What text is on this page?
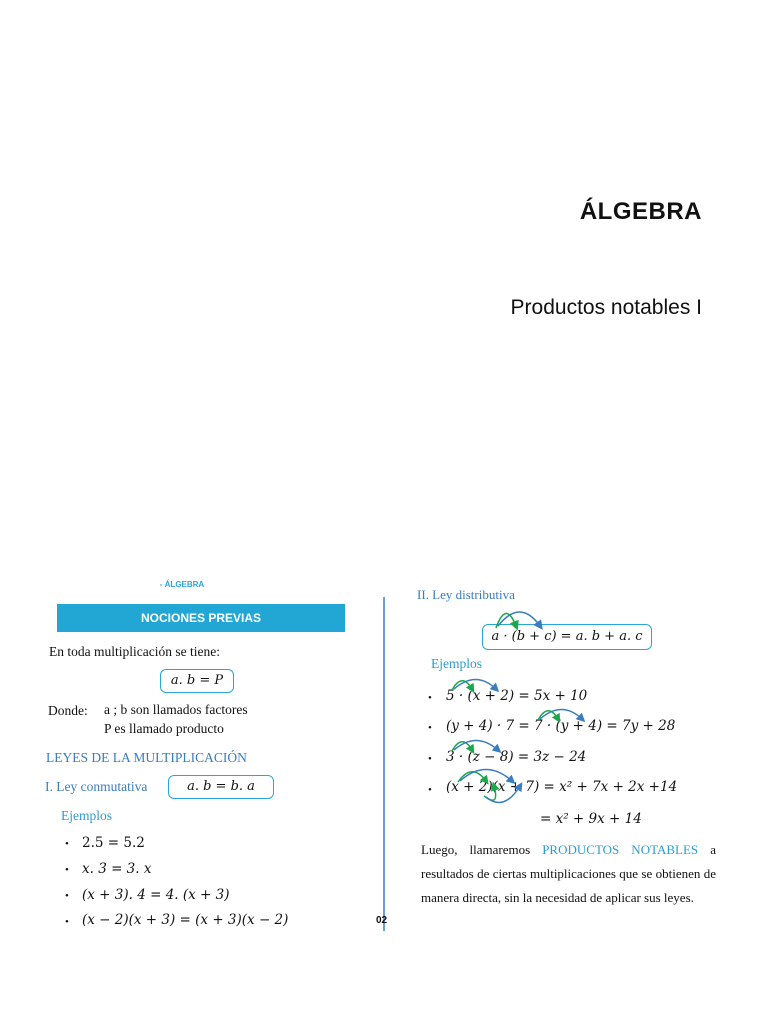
ÁLGEBRA
Productos notables I
- ÁLGEBRA
NOCIONES PREVIAS
En toda multiplicación se tiene:
a. b = P
Donde: a ; b son llamados factores
P es llamado producto
LEYES DE LA MULTIPLICACIÓN
I. Ley conmutativa	a. b = b. a
Ejemplos
• 2.5 = 5.2
• x. 3 = 3. x
• (x + 3). 4 = 4. (x + 3)
• (x − 2)(x + 3) = (x + 3)(x − 2)	02
II. Ley distributiva
a · (b + c) = a. b + a. c
Ejemplos
• 5 · (x + 2) = 5x + 10
• (y + 4) · 7 = 7 · (y + 4) = 7y + 28
• 3 · (z − 8) = 3z − 24
• (x + 2)(x + 7) = x² + 7x + 2x +14
= x² + 9x + 14
Luego, llamaremos PRODUCTOS NOTABLES a resultados de ciertas multiplicaciones que se obtienen de manera directa, sin la necesidad de aplicar sus leyes.
